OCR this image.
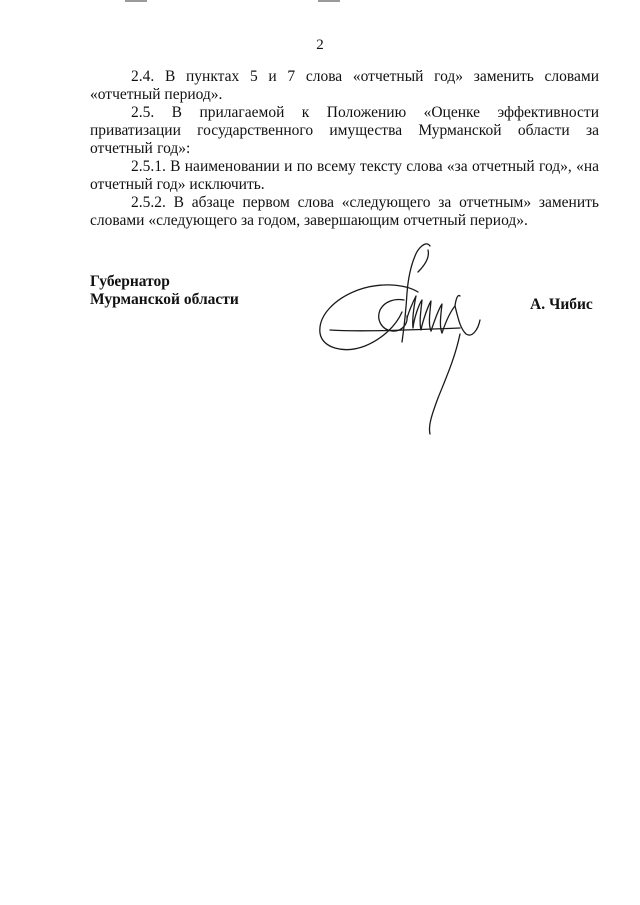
2

2.4. В пунктах 5 и 7 слова «отчетный год» заменить словами «отчетный период».

2.5. В прилагаемой к Положению «Оценке эффективности приватизации государственного имущества Мурманской области за отчетный год»:

2.5.1. В наименовании и по всему тексту слова «за отчетный год», «на отчетный год» исключить.

2.5.2. В абзаце первом слова «следующего за отчетным» заменить словами «следующего за годом, завершающим отчетный период».

Губернатор
Мурманской области	А. Чибис
